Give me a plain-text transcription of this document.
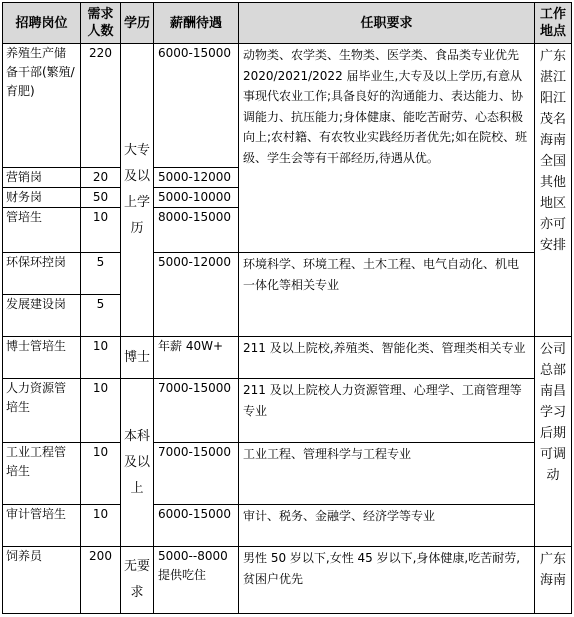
招聘岗位	需求人数	学历	薪酬待遇	任职要求	工作地点
养殖生产储备干部(繁殖/育肥)	220	大专及以上学历	6000-15000	动物类、农学类、生物类、医学类、食品类专业优先 2020/2021/2022 届毕业生,大专及以上学历,有意从事现代农业工作;具备良好的沟通能力、表达能力、协调能力、抗压能力;身体健康、能吃苦耐劳、心态积极向上;农村籍、有农牧业实践经历者优先;如在院校、班级、学生会等有干部经历,待遇从优。	广东湛江阳江茂名海南全国其他地区亦可安排
营销岗	20		5000-12000		
财务岗	50		5000-10000		
管培生	10		8000-15000		
环保环控岗	5		5000-12000	环境科学、环境工程、土木工程、电气自动化、机电一体化等相关专业	
发展建设岗	5				
博士管培生	10	博士	年薪 40W+	211 及以上院校,养殖类、智能化类、管理类相关专业	公司总部南昌学习后期可调动
人力资源管培生	10	本科及以上	7000-15000	211 及以上院校人力资源管理、心理学、工商管理等专业	
工业工程管培生	10		7000-15000	工业工程、管理科学与工程专业	
审计管培生	10		6000-15000	审计、税务、金融学、经济学等专业	
饲养员	200	无要求	5000--8000 提供吃住	男性 50 岁以下,女性 45 岁以下,身体健康,吃苦耐劳,贫困户优先	广东海南
